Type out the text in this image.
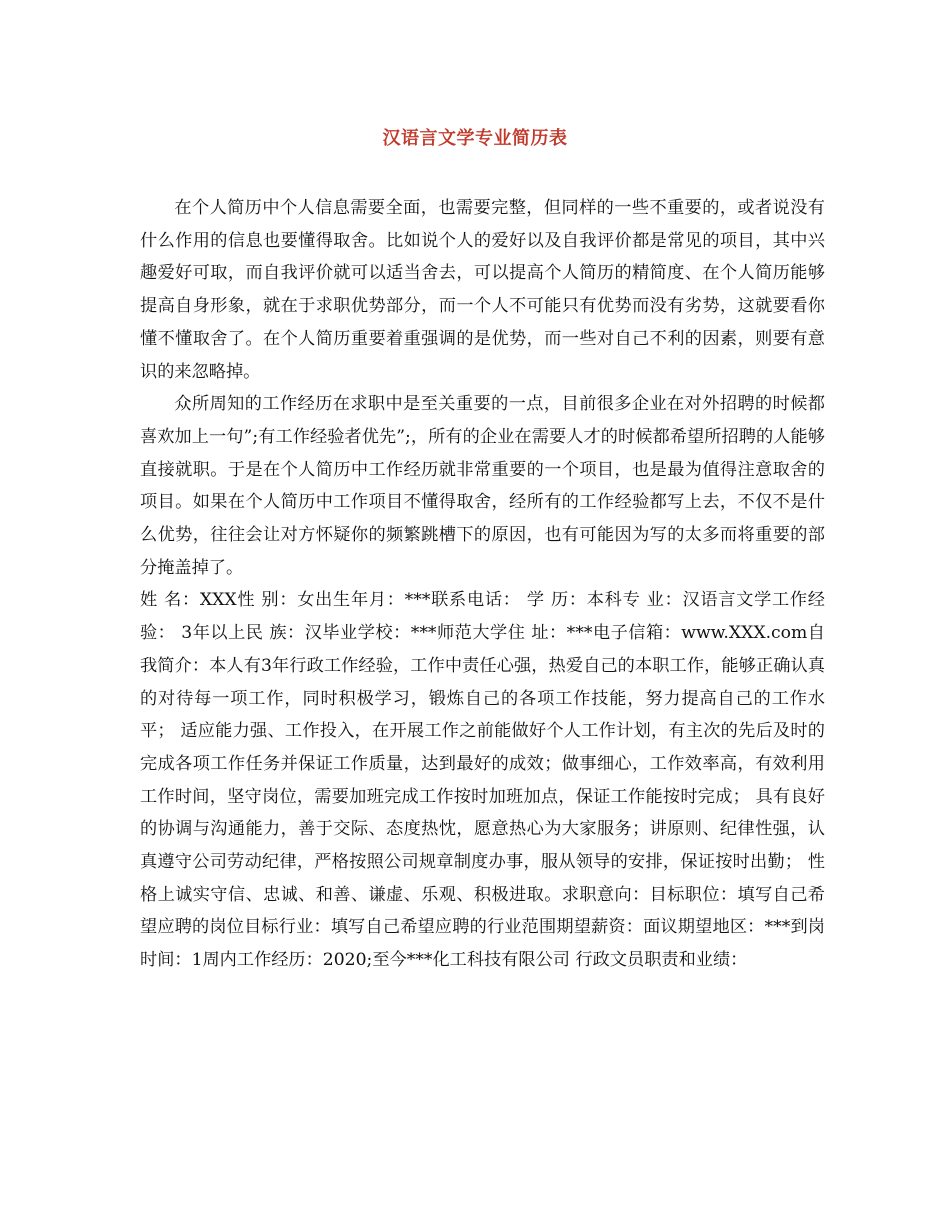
汉语言文学专业简历表

在个人简历中个人信息需要全面，也需要完整，但同样的一些不重要的，或者说没有什么作用的信息也要懂得取舍。比如说个人的爱好以及自我评价都是常见的项目，其中兴趣爱好可取，而自我评价就可以适当舍去，可以提高个人简历的精简度、在个人简历能够提高自身形象，就在于求职优势部分，而一个人不可能只有优势而没有劣势，这就要看你懂不懂取舍了。在个人简历重要着重强调的是优势，而一些对自己不利的因素，则要有意识的来忽略掉。

众所周知的工作经历在求职中是至关重要的一点，目前很多企业在对外招聘的时候都喜欢加上一句”;有工作经验者优先”;，所有的企业在需要人才的时候都希望所招聘的人能够直接就职。于是在个人简历中工作经历就非常重要的一个项目，也是最为值得注意取舍的项目。如果在个人简历中工作项目不懂得取舍，经所有的工作经验都写上去，不仅不是什么优势，往往会让对方怀疑你的频繁跳槽下的原因，也有可能因为写的太多而将重要的部分掩盖掉了。

姓 名：XXX性 别：女出生年月：***联系电话： 学 历：本科专 业：汉语言文学工作经验： 3年以上民 族：汉毕业学校：***师范大学住 址：***电子信箱：www.XXX.com自我简介：本人有3年行政工作经验，工作中责任心强，热爱自己的本职工作，能够正确认真的对待每一项工作，同时积极学习，锻炼自己的各项工作技能，努力提高自己的工作水平； 适应能力强、工作投入，在开展工作之前能做好个人工作计划，有主次的先后及时的完成各项工作任务并保证工作质量，达到最好的成效；做事细心，工作效率高，有效利用工作时间，坚守岗位，需要加班完成工作按时加班加点，保证工作能按时完成； 具有良好的协调与沟通能力，善于交际、态度热忱，愿意热心为大家服务；讲原则、纪律性强，认真遵守公司劳动纪律，严格按照公司规章制度办事，服从领导的安排，保证按时出勤； 性格上诚实守信、忠诚、和善、谦虚、乐观、积极进取。求职意向：目标职位：填写自己希望应聘的岗位目标行业：填写自己希望应聘的行业范围期望薪资：面议期望地区：***到岗时间：1周内工作经历：2020;至今***化工科技有限公司 行政文员职责和业绩：
